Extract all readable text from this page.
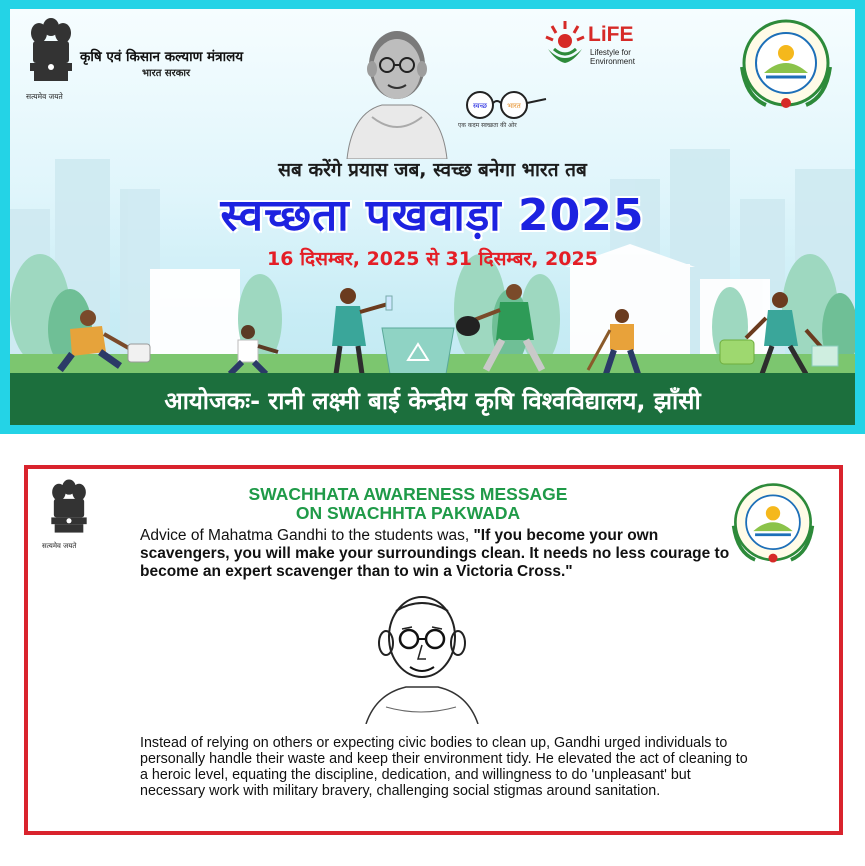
कृषि एवं किसान कल्याण मंत्रालय
भारत सरकार
सत्यमेव जयते
स्वच्छ	भारत
एक कदम स्वच्छता की ओर
LiFE
Lifestyle for
Environment
सब करेंगे प्रयास जब, स्वच्छ बनेगा भारत तब
स्वच्छता पखवाड़ा 2025
16 दिसम्बर, 2025 से 31 दिसम्बर, 2025
आयोजकः- रानी लक्ष्मी बाई केन्द्रीय कृषि विश्वविद्यालय, झाँसी
सत्यमेव जयते
SWACHHATA AWARENESS MESSAGE
ON SWACHHTA PAKWADA
Advice of Mahatma Gandhi to the students was, "If you become your own scavengers, you will make your surroundings clean. It needs no less courage to become an expert scavenger than to win a Victoria Cross."
Instead of relying on others or expecting civic bodies to clean up, Gandhi urged individuals to personally handle their waste and keep their environment tidy. He elevated the act of cleaning to a heroic level, equating the discipline, dedication, and willingness to do 'unpleasant' but necessary work with military bravery, challenging social stigmas around sanitation.
